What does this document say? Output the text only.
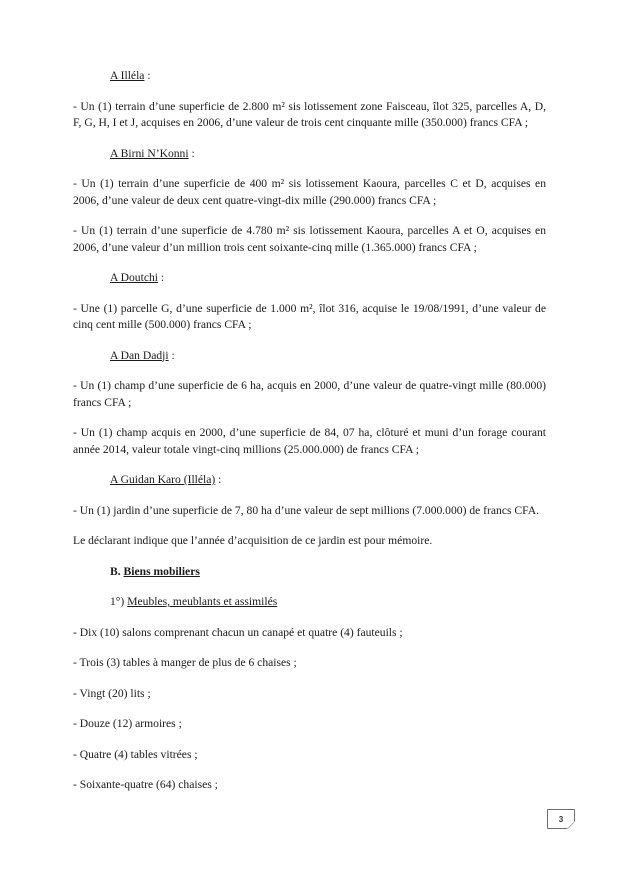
A Illéla :

- Un (1) terrain d’une superficie de 2.800 m² sis lotissement zone Faisceau, îlot 325, parcelles A, D, F, G, H, I et J, acquises en 2006, d’une valeur de trois cent cinquante mille (350.000) francs CFA ;

A Birni N’Konni :

- Un (1) terrain d’une superficie de 400 m² sis lotissement Kaoura, parcelles C et D, acquises en 2006, d’une valeur de deux cent quatre-vingt-dix mille (290.000) francs CFA ;

- Un (1) terrain d’une superficie de 4.780 m² sis lotissement Kaoura, parcelles A et O, acquises en 2006, d’une valeur d’un million trois cent soixante-cinq mille (1.365.000) francs CFA ;

A Doutchi :

- Une (1) parcelle G, d’une superficie de 1.000 m², îlot 316, acquise le 19/08/1991, d’une valeur de cinq cent mille (500.000) francs CFA ;

A Dan Dadji :

- Un (1) champ d’une superficie de 6 ha, acquis en 2000, d’une valeur de quatre-vingt mille (80.000) francs CFA ;

- Un (1) champ acquis en 2000, d’une superficie de 84, 07 ha, clôturé et muni d’un forage courant année 2014, valeur totale vingt-cinq millions (25.000.000) de francs CFA ;

A Guidan Karo (Illéla) :

- Un (1) jardin d’une superficie de 7, 80 ha d’une valeur de sept millions (7.000.000) de francs CFA.

Le déclarant indique que l’année d’acquisition de ce jardin est pour mémoire.

B. Biens mobiliers
1°) Meubles, meublants et assimilés

- Dix (10) salons comprenant chacun un canapé et quatre (4) fauteuils ;

- Trois (3) tables à manger de plus de 6 chaises ;

- Vingt (20) lits ;

- Douze (12) armoires ;

- Quatre (4) tables vitrées ;

- Soixante-quatre (64) chaises ;

3
